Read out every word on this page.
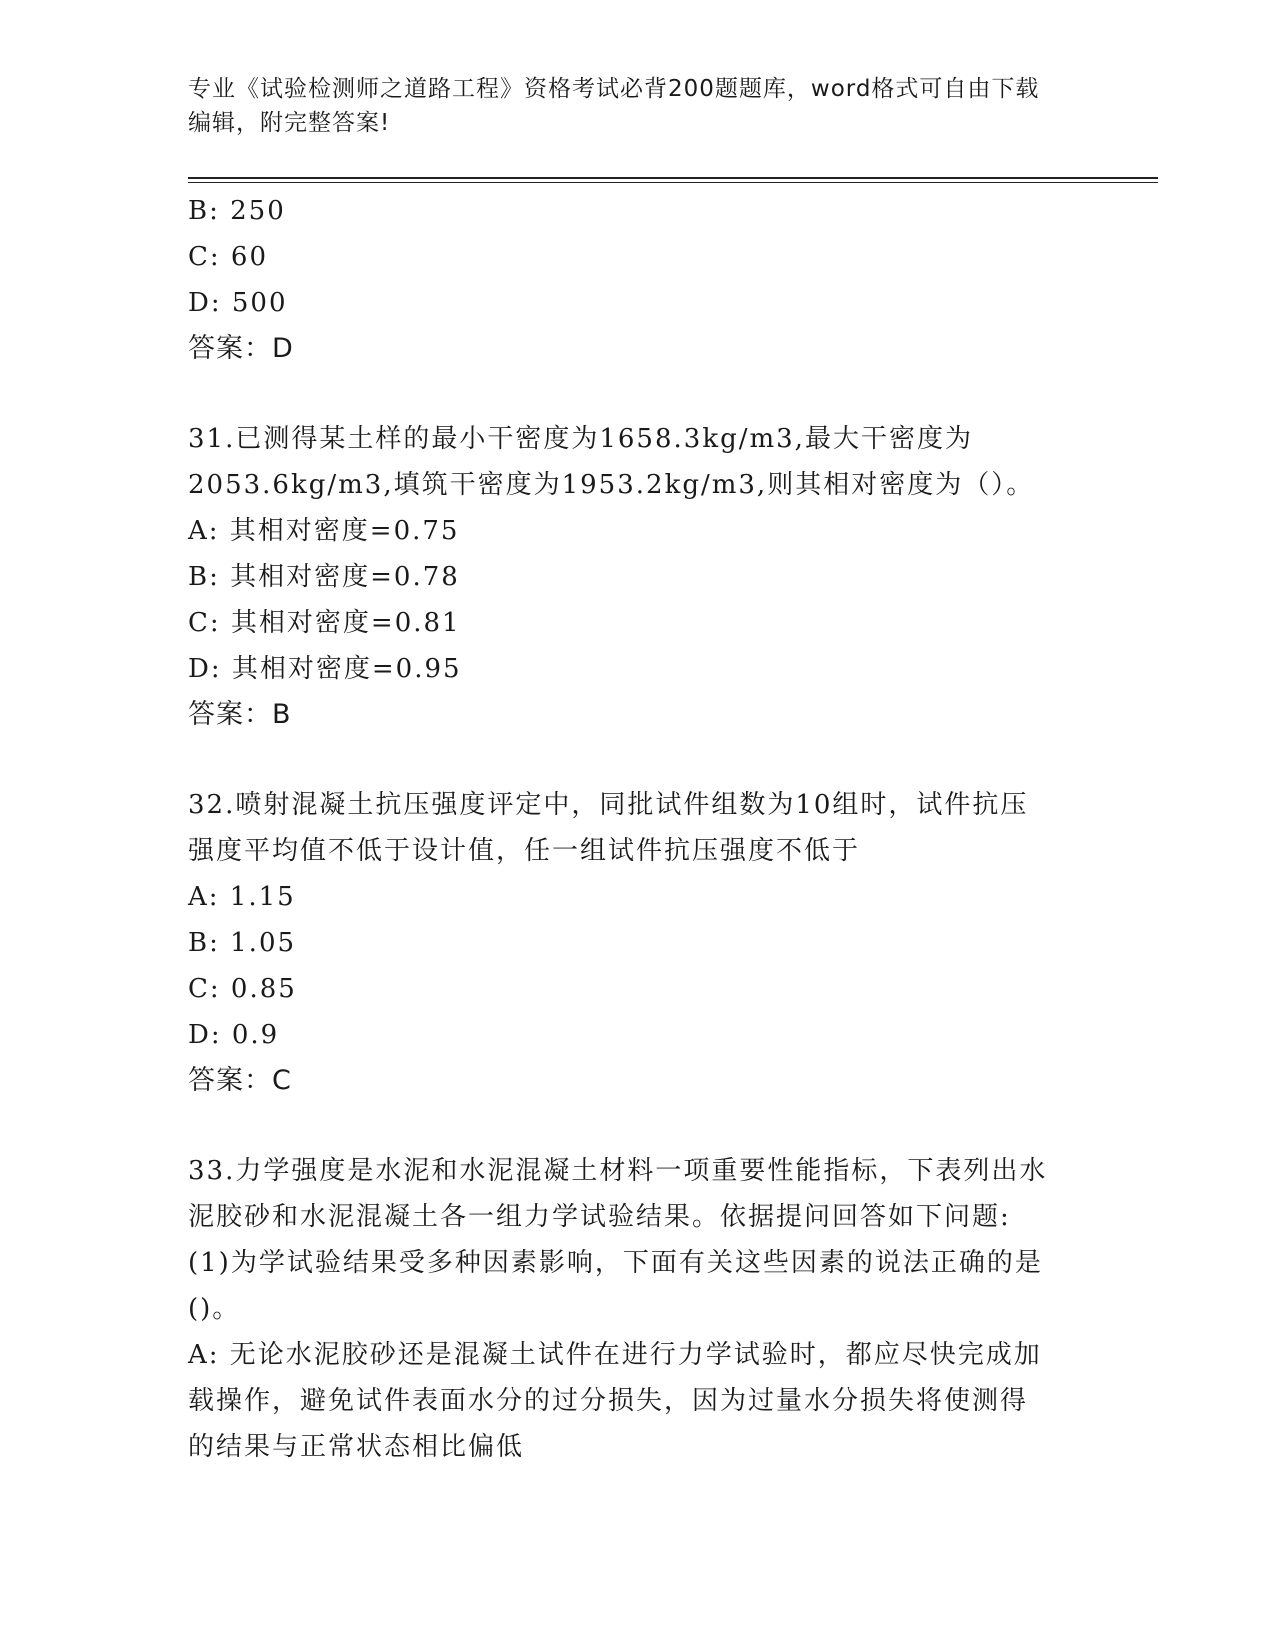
专业《试验检测师之道路工程》资格考试必背200题题库，word格式可自由下载
编辑，附完整答案!

B: 250

C: 60

D: 500

答案：D

31.已测得某土样的最小干密度为1658.3kg/m3,最大干密度为

2053.6kg/m3,填筑干密度为1953.2kg/m3,则其相对密度为（）。

A: 其相对密度=0.75

B: 其相对密度=0.78

C: 其相对密度=0.81

D: 其相对密度=0.95

答案：B

32.喷射混凝土抗压强度评定中，同批试件组数为10组时，试件抗压

强度平均值不低于设计值，任一组试件抗压强度不低于

A: 1.15

B: 1.05

C: 0.85

D: 0.9

答案：C

33.力学强度是水泥和水泥混凝土材料一项重要性能指标，下表列出水

泥胶砂和水泥混凝土各一组力学试验结果。依据提问回答如下问题:

(1)为学试验结果受多种因素影响，下面有关这些因素的说法正确的是

()。

A: 无论水泥胶砂还是混凝土试件在进行力学试验时，都应尽快完成加

载操作，避免试件表面水分的过分损失，因为过量水分损失将使测得

的结果与正常状态相比偏低
